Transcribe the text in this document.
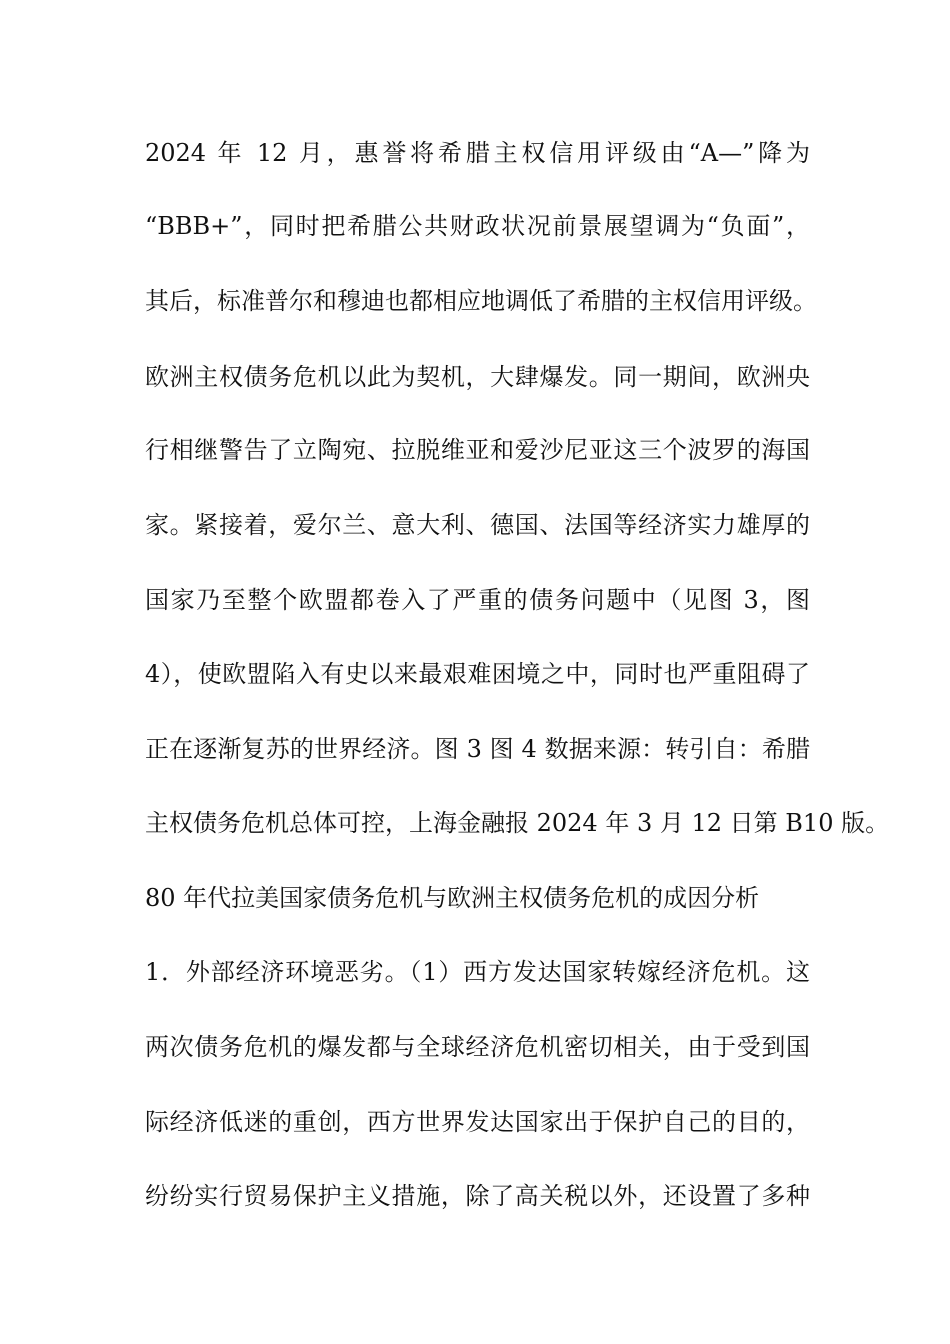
2024 年 12 月，惠誉将希腊主权信用评级由“A—”降为
“BBB+”，同时把希腊公共财政状况前景展望调为“负面”，
其后，标准普尔和穆迪也都相应地调低了希腊的主权信用评级。
欧洲主权债务危机以此为契机，大肆爆发。同一期间，欧洲央
行相继警告了立陶宛、拉脱维亚和爱沙尼亚这三个波罗的海国
家。紧接着，爱尔兰、意大利、德国、法国等经济实力雄厚的
国家乃至整个欧盟都卷入了严重的债务问题中（见图 3，图
4），使欧盟陷入有史以来最艰难困境之中，同时也严重阻碍了
正在逐渐复苏的世界经济。图 3 图 4 数据来源：转引自：希腊
主权债务危机总体可控，上海金融报 2024 年 3 月 12 日第 B10 版。
80 年代拉美国家债务危机与欧洲主权债务危机的成因分析
1．外部经济环境恶劣。（1）西方发达国家转嫁经济危机。这
两次债务危机的爆发都与全球经济危机密切相关，由于受到国
际经济低迷的重创，西方世界发达国家出于保护自己的目的，
纷纷实行贸易保护主义措施，除了高关税以外，还设置了多种
